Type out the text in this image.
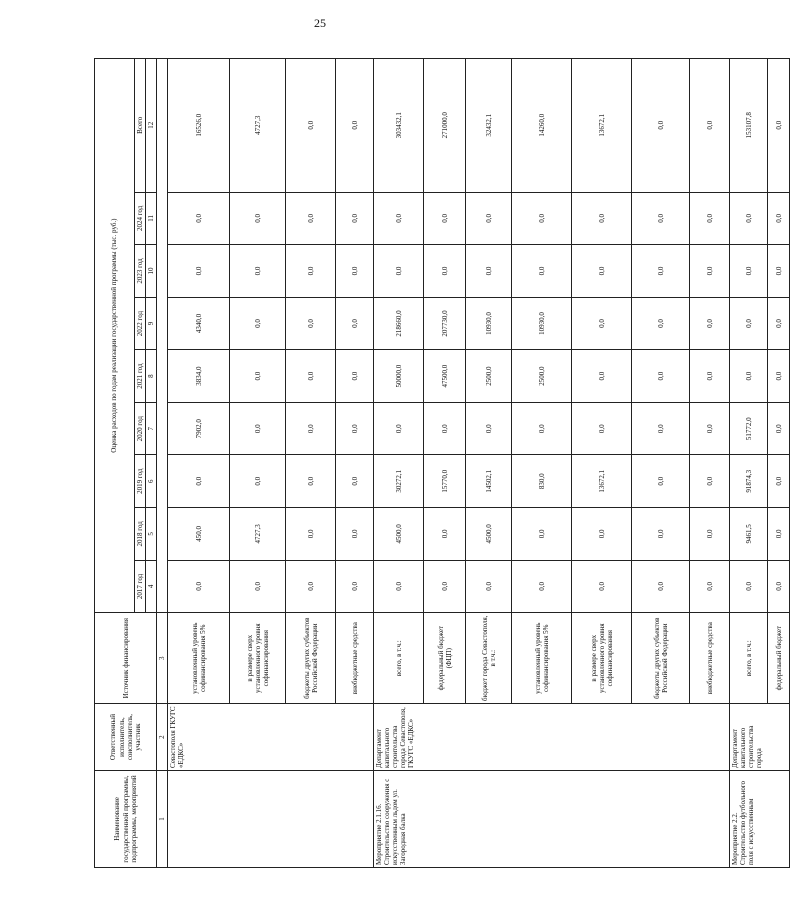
25
Наименование государственной программы, подпрограммы, мероприятий	Ответственный исполнитель, соисполнитель, участник	Источник финансирования	Оценка расходов по годам реализации государственной программы (тыс. руб.)								
			2017 год	2018 год	2019 год	2020 год	2021 год	2022 год	2023 год	2024 год	Всего
			4	5	6	7	8	9	10	11	12
1	2	3									
	Севастополя ГКУГС «ЕДКС»	установленный уровень софинансирования 5%	0,0	450,0	0,0	7902,0	3834,0	4340,0	0,0	0,0	16526,0
		в размере сверх установленного уровня софинансирования	0,0	4727,3	0,0	0,0	0,0	0,0	0,0	0,0	4727,3
		бюджеты других субъектов Российской Федерации	0,0	0,0	0,0	0,0	0,0	0,0	0,0	0,0	0,0
		внебюджетные средства	0,0	0,0	0,0	0,0	0,0	0,0	0,0	0,0	0,0
Мероприятие 2.1.16. Строительство сооружения с искусственным льдом ул. Загородная балка	Департамент капитального строительства города Севастополя, ГКУГС «ЕДКС»	всего, в т.ч.:	0,0	4500,0	30272,1	0,0	50000,0	218660,0	0,0	0,0	303432,1
		федеральный бюджет (ФЦП)	0,0	0,0	15770,0	0,0	47500,0	207730,0	0,0	0,0	271000,0
		бюджет города Севастополя, в т.ч.:	0,0	4500,0	14502,1	0,0	2500,0	10930,0	0,0	0,0	32432,1
		установленный уровень софинансирования 5%	0,0	0,0	830,0	0,0	2500,0	10930,0	0,0	0,0	14260,0
		в размере сверх установленного уровня софинансирования	0,0	0,0	13672,1	0,0	0,0	0,0	0,0	0,0	13672,1
		бюджеты других субъектов Российской Федерации	0,0	0,0	0,0	0,0	0,0	0,0	0,0	0,0	0,0
		внебюджетные средства	0,0	0,0	0,0	0,0	0,0	0,0	0,0	0,0	0,0
Мероприятие 2.2. Строительство футбольного поля с искусственным	Департамент капитального строительства города	всего, в т.ч.:	0,0	9461,5	91874,3	51772,0	0,0	0,0	0,0	0,0	153107,8
		федеральный бюджет	0,0	0,0	0,0	0,0	0,0	0,0	0,0	0,0	0,0
